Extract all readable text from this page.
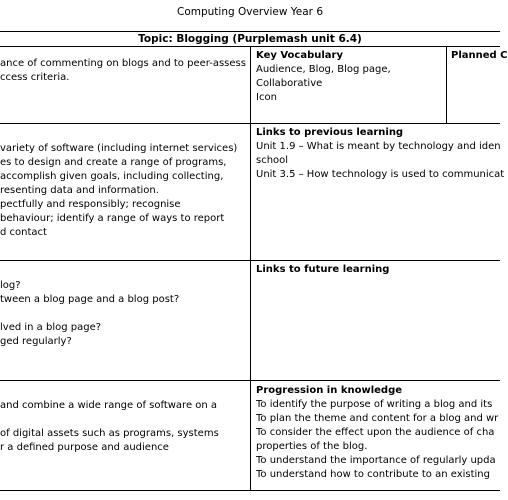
Computing Overview Year 6
Topic: Blogging (Purplemash unit 6.4)
ance of commenting on blogs and to peer-assess
ccess criteria.
Key Vocabulary
Audience, Blog, Blog page,
Collaborative
Icon
Planned C
variety of software (including internet services)
es to design and create a range of programs,
accomplish given goals, including collecting,
resenting data and information.
pectfully and responsibly; recognise
behaviour; identify a range of ways to report
d contact
Links to previous learning
Unit 1.9 – What is meant by technology and iden
school
Unit 3.5 – How technology is used to communicat
log?
tween a blog page and a blog post?
lved in a blog page?
ged regularly?
Links to future learning
and combine a wide range of software on a
of digital assets such as programs, systems
r a defined purpose and audience
Progression in knowledge
To identify the purpose of writing a blog and its
To plan the theme and content for a blog and wr
To consider the effect upon the audience of cha
properties of the blog.
To understand the importance of regularly upda
To understand how to contribute to an existing
